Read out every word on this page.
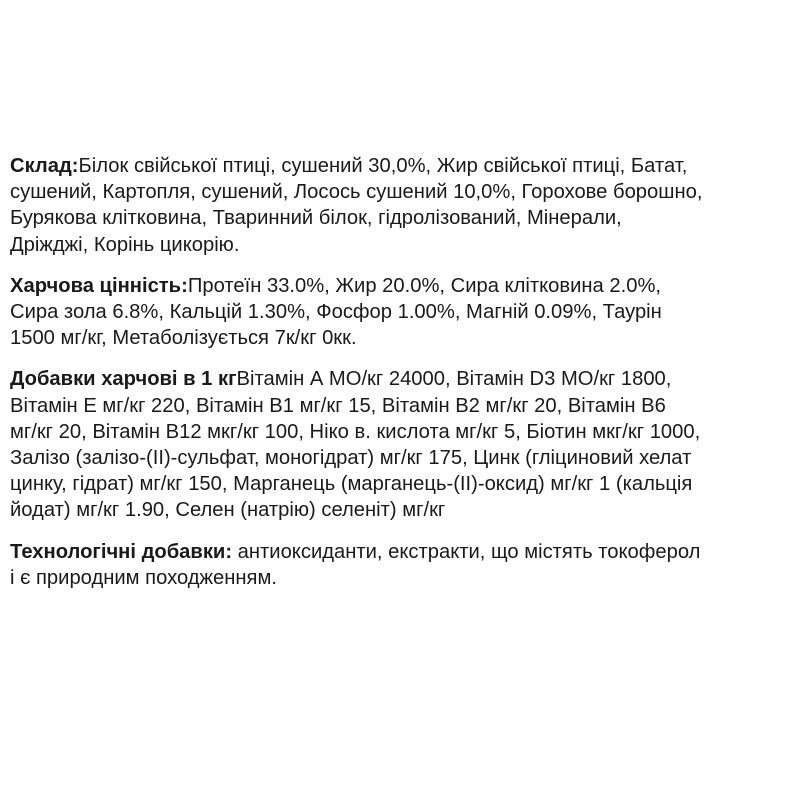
Склад:Білок свійської птиці, сушений 30,0%, Жир свійської птиці, Батат,
сушений, Картопля, сушений, Лосось сушений 10,0%, Горохове борошно,
Бурякова клітковина, Тваринний білок, гідролізований, Мінерали,
Дріжджі, Корінь цикорію.

Харчова цінність:Протеїн 33.0%, Жир 20.0%, Сира клітковина 2.0%,
Сира зола 6.8%, Кальцій 1.30%, Фосфор 1.00%, Магній 0.09%, Таурін
1500 мг/кг, Метаболізується 7к/кг 0кк.

Добавки харчові в 1 кгВітамін А МО/кг 24000, Вітамін D3 МО/кг 1800,
Вітамін Е мг/кг 220, Вітамін В1 мг/кг 15, Вітамін В2 мг/кг 20, Вітамін В6
мг/кг 20, Вітамін В12 мкг/кг 100, Ніко в. кислота мг/кг 5, Біотин мкг/кг 1000,
Залізо (залізо-(II)-сульфат, моногідрат) мг/кг 175, Цинк (гліциновий хелат
цинку, гідрат) мг/кг 150, Марганець (марганець-(II)-оксид) мг/кг 1 (кальція
йодат) мг/кг 1.90, Селен (натрію) селеніт) мг/кг

Технологічні добавки: антиоксиданти, екстракти, що містять токоферол
і є природним походженням.
